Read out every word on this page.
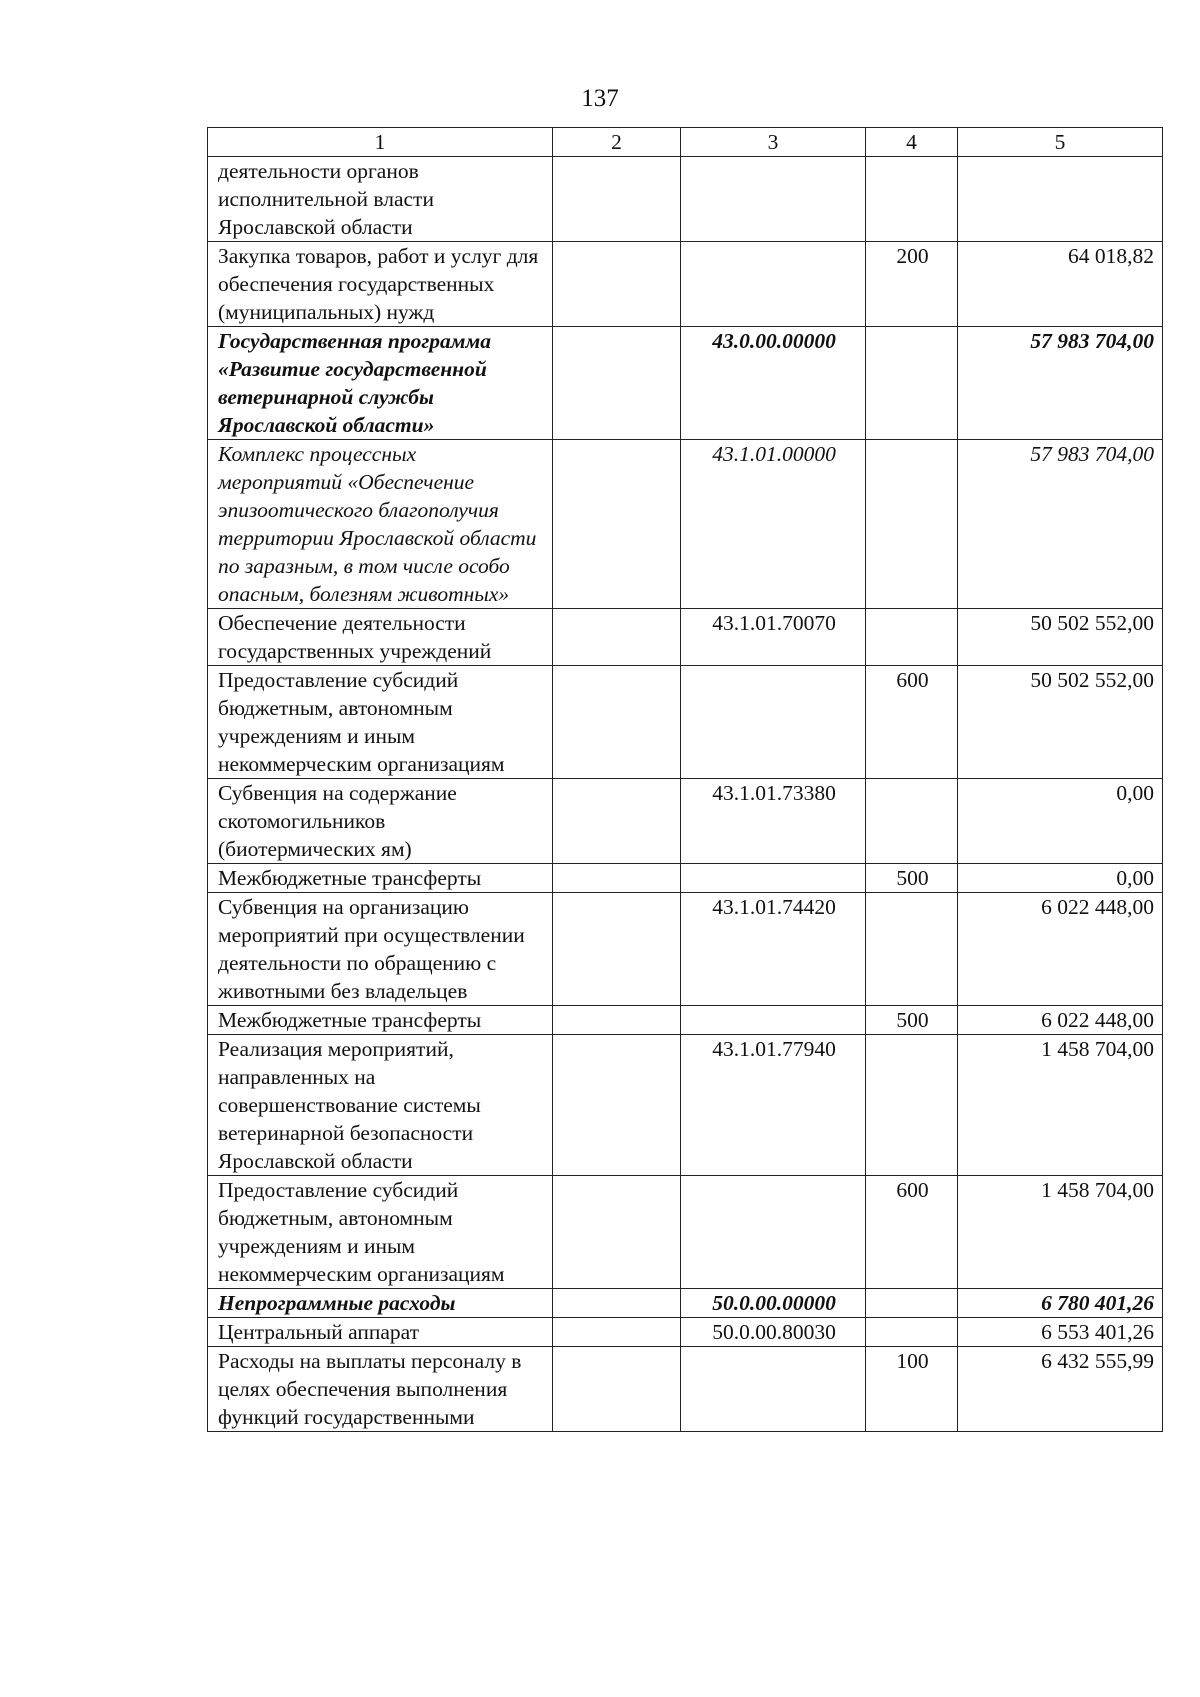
137
1	2	3	4	5
деятельности органов исполнительной власти Ярославской области				
Закупка товаров, работ и услуг для обеспечения государственных (муниципальных) нужд			200	64 018,82
Государственная программа «Развитие государственной ветеринарной службы Ярославской области»		43.0.00.00000		57 983 704,00
Комплекс процессных мероприятий «Обеспечение эпизоотического благополучия территории Ярославской области по заразным, в том числе особо опасным, болезням животных»		43.1.01.00000		57 983 704,00
Обеспечение деятельности государственных учреждений		43.1.01.70070		50 502 552,00
Предоставление субсидий бюджетным, автономным учреждениям и иным некоммерческим организациям			600	50 502 552,00
Субвенция на содержание скотомогильников (биотермических ям)		43.1.01.73380		0,00
Межбюджетные трансферты			500	0,00
Субвенция на организацию мероприятий при осуществлении деятельности по обращению с животными без владельцев		43.1.01.74420		6 022 448,00
Межбюджетные трансферты			500	6 022 448,00
Реализация мероприятий, направленных на совершенствование системы ветеринарной безопасности Ярославской области		43.1.01.77940		1 458 704,00
Предоставление субсидий бюджетным, автономным учреждениям и иным некоммерческим организациям			600	1 458 704,00
Непрограммные расходы		50.0.00.00000		6 780 401,26
Центральный аппарат		50.0.00.80030		6 553 401,26
Расходы на выплаты персоналу в целях обеспечения выполнения функций государственными			100	6 432 555,99
